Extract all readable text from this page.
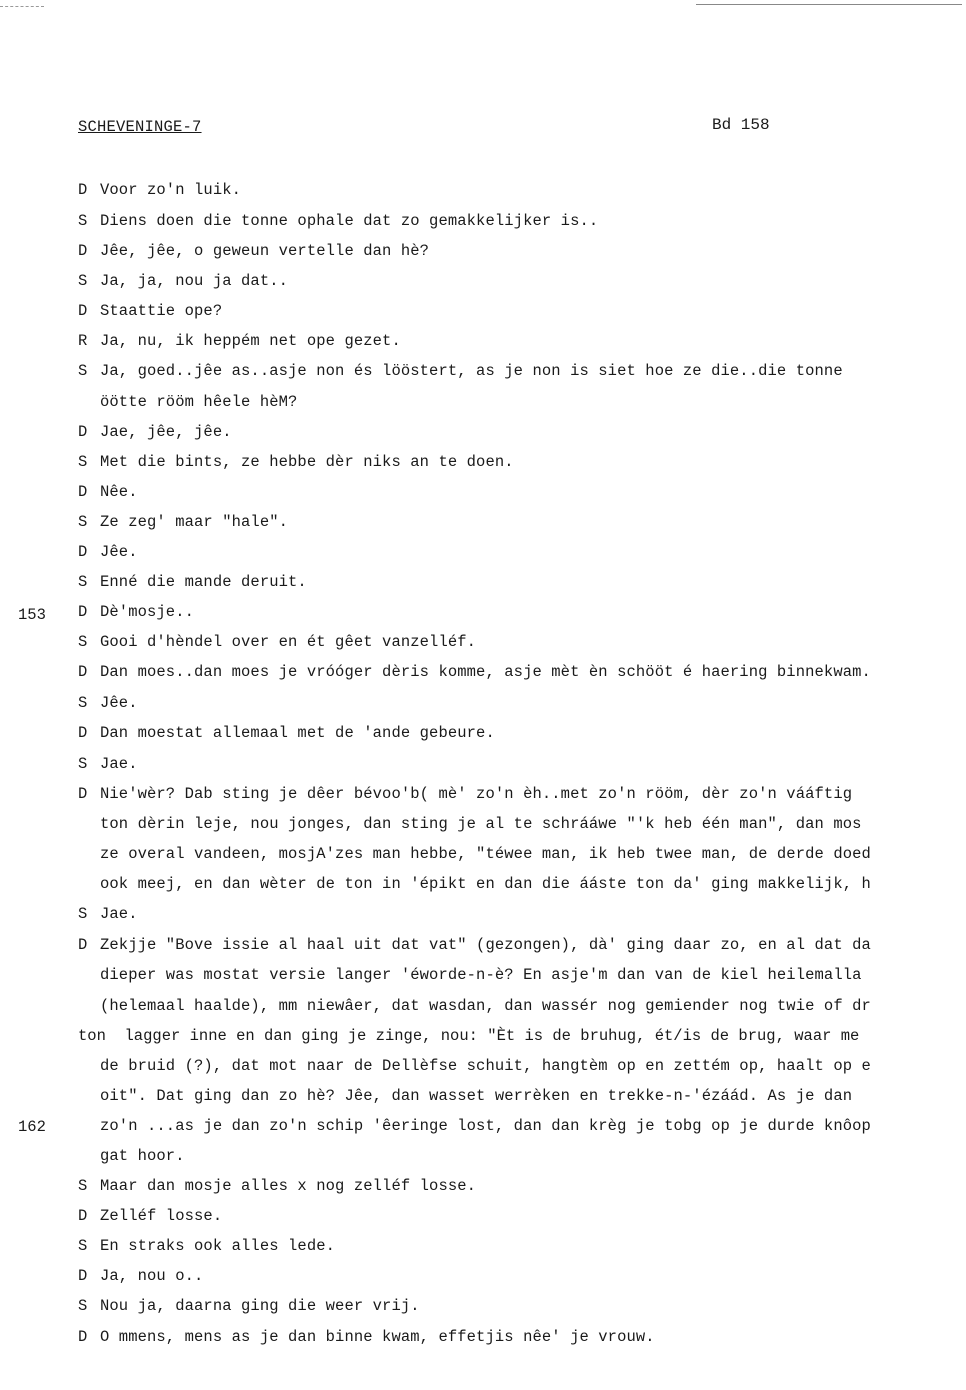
SCHEVENINGE-7	Bd 158
153
162
D Voor zo'n luik.
S Diens doen die tonne ophale dat zo gemakkelijker is..
D Jêe, jêe, o geweun vertelle dan hè?
S Ja, ja, nou ja dat..
D Staattie ope?
R Ja, nu, ik heppém net ope gezet.
S Ja, goed..jêe as..asje non és lööstert, as je non is siet hoe ze die..die tonne
öötte rööm hêele hèM?
D Jae, jêe, jêe.
S Met die bints, ze hebbe dèr niks an te doen.
D Nêe.
S Ze zeg' maar "hale".
D Jêe.
S Enné die mande deruit.
D Dè'mosje..
S Gooi d'hèndel over en ét gêet vanzelléf.
D Dan moes..dan moes je vróóger dèris komme, asje mèt èn schööt é haering binnekwam.
S Jêe.
D Dan moestat allemaal met de 'ande gebeure.
S Jae.
D Nie'wèr? Dab sting je dêer bévoo'b( mè' zo'n èh..met zo'n rööm, dèr zo'n vááftig
ton dèrin leje, nou jonges, dan sting je al te schrááwe "'k heb één man", dan mos
ze overal vandeen, mosjA'zes man hebbe, "téwee man, ik heb twee man, de derde doed
ook meej, en dan wèter de ton in 'épikt en dan die ááste ton da' ging makkelijk, h
S Jae.
D Zekjje "Bove issie al haal uit dat vat" (gezongen), dà' ging daar zo, en al dat da
dieper was mostat versie langer 'éworde-n-è? En asje'm dan van de kiel heilemalla
(helemaal haalde), mm niewâer, dat wasdan, dan wassér nog gemiender nog twie of dr
ton  lagger inne en dan ging je zinge, nou: "Èt is de bruhug, ét/is de brug, waar me
de bruid (?), dat mot naar de Dellèfse schuit, hangtèm op en zettém op, haalt op e
oit". Dat ging dan zo hè? Jêe, dan wasset werrèken en trekke-n-'ézáád. As je dan
zo'n ...as je dan zo'n schip 'êeringe lost, dan dan krèg je tobg op je durde knôop
gat hoor.
S Maar dan mosje alles x nog zelléf losse.
D Zelléf losse.
S En straks ook alles lede.
D Ja, nou o..
S Nou ja, daarna ging die weer vrij.
D O mmens, mens as je dan binne kwam, effetjis nêe' je vrouw.
